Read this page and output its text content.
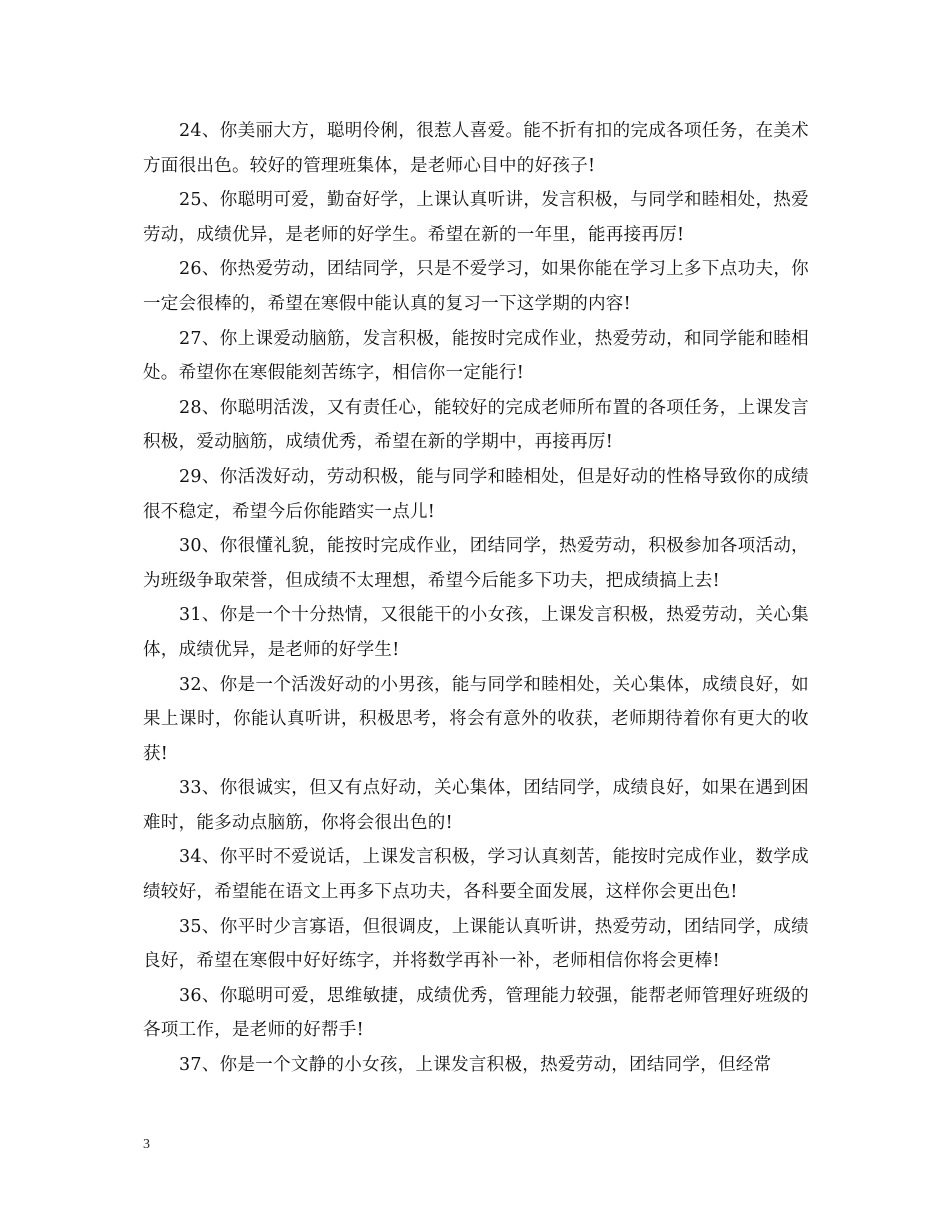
24、你美丽大方，聪明伶俐，很惹人喜爱。能不折有扣的完成各项任务，在美术方面很出色。较好的管理班集体，是老师心目中的好孩子!

25、你聪明可爱，勤奋好学，上课认真听讲，发言积极，与同学和睦相处，热爱劳动，成绩优异，是老师的好学生。希望在新的一年里，能再接再厉!

26、你热爱劳动，团结同学，只是不爱学习，如果你能在学习上多下点功夫，你一定会很棒的，希望在寒假中能认真的复习一下这学期的内容!

27、你上课爱动脑筋，发言积极，能按时完成作业，热爱劳动，和同学能和睦相处。希望你在寒假能刻苦练字，相信你一定能行!

28、你聪明活泼，又有责任心，能较好的完成老师所布置的各项任务，上课发言积极，爱动脑筋，成绩优秀，希望在新的学期中，再接再厉!

29、你活泼好动，劳动积极，能与同学和睦相处，但是好动的性格导致你的成绩很不稳定，希望今后你能踏实一点儿!

30、你很懂礼貌，能按时完成作业，团结同学，热爱劳动，积极参加各项活动，为班级争取荣誉，但成绩不太理想，希望今后能多下功夫，把成绩搞上去!

31、你是一个十分热情，又很能干的小女孩，上课发言积极，热爱劳动，关心集体，成绩优异，是老师的好学生!

32、你是一个活泼好动的小男孩，能与同学和睦相处，关心集体，成绩良好，如果上课时，你能认真听讲，积极思考，将会有意外的收获，老师期待着你有更大的收获!

33、你很诚实，但又有点好动，关心集体，团结同学，成绩良好，如果在遇到困难时，能多动点脑筋，你将会很出色的!

34、你平时不爱说话，上课发言积极，学习认真刻苦，能按时完成作业，数学成绩较好，希望能在语文上再多下点功夫，各科要全面发展，这样你会更出色!

35、你平时少言寡语，但很调皮，上课能认真听讲，热爱劳动，团结同学，成绩良好，希望在寒假中好好练字，并将数学再补一补，老师相信你将会更棒!

36、你聪明可爱，思维敏捷，成绩优秀，管理能力较强，能帮老师管理好班级的各项工作，是老师的好帮手!

37、你是一个文静的小女孩，上课发言积极，热爱劳动，团结同学，但经常

3
